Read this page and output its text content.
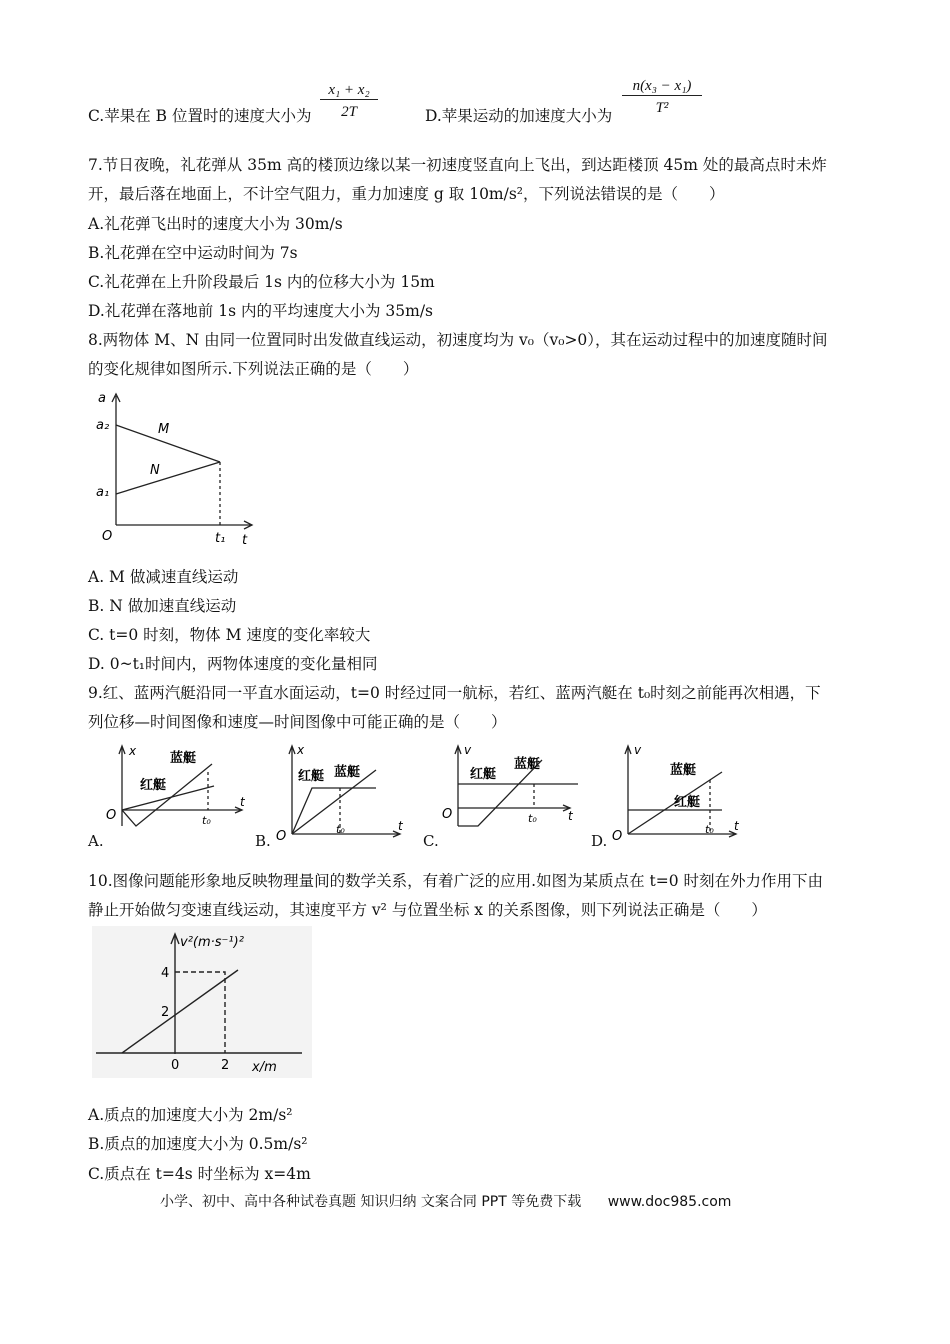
C.苹果在 B 位置时的速度大小为 $\frac{\text{x₁ + x₂}}{2T}$	D.苹果运动的加速度大小为 $\frac{\text{n(x₃ − x₁)}}{\text{T²}}$
7.节日夜晚，礼花弹从 35m 高的楼顶边缘以某一初速度竖直向上飞出，到达距楼顶 45m 处的最高点时未炸
开，最后落在地面上，不计空气阻力，重力加速度 g 取 10m/s²，下列说法错误的是（　　）
A.礼花弹飞出时的速度大小为 30m/s
B.礼花弹在空中运动时间为 7s
C.礼花弹在上升阶段最后 1s 内的位移大小为 15m
D.礼花弹在落地前 1s 内的平均速度大小为 35m/s
8.两物体 M、N 由同一位置同时出发做直线运动，初速度均为 v₀（v₀>0），其在运动过程中的加速度随时间
的变化规律如图所示.下列说法正确的是（　　）
a
a₂
a₁
O	t₁ t
M
N
A. M 做减速直线运动
B. N 做加速直线运动
C. t=0 时刻，物体 M 速度的变化率较大
D. 0~t₁时间内，两物体速度的变化量相同
9.红、蓝两汽艇沿同一平直水面运动，t=0 时经过同一航标，若红、蓝两汽艇在 t₀时刻之前能再次相遇，下
列位移—时间图像和速度—时间图像中可能正确的是（　　）
x	蓝艇
红艇
O	t₀
t
A.
x
红艇 蓝艇
O	t₀	t
B.
v
红艇
蓝艇
O	t₀	t
C.
v
蓝艇
红艇
O	t₀ t
D.
10.图像问题能形象地反映物理量间的数学关系，有着广泛的应用.如图为某质点在 t=0 时刻在外力作用下由
静止开始做匀变速直线运动，其速度平方 v² 与位置坐标 x 的关系图像，则下列说法正确是（　　）
v²(m·s⁻¹)²
4
2
0	2 x/m
A.质点的加速度大小为 2m/s²
B.质点的加速度大小为 0.5m/s²
C.质点在 t=4s 时坐标为 x=4m
小学、初中、高中各种试卷真题 知识归纳 文案合同 PPT 等免费下载 www.doc985.com
